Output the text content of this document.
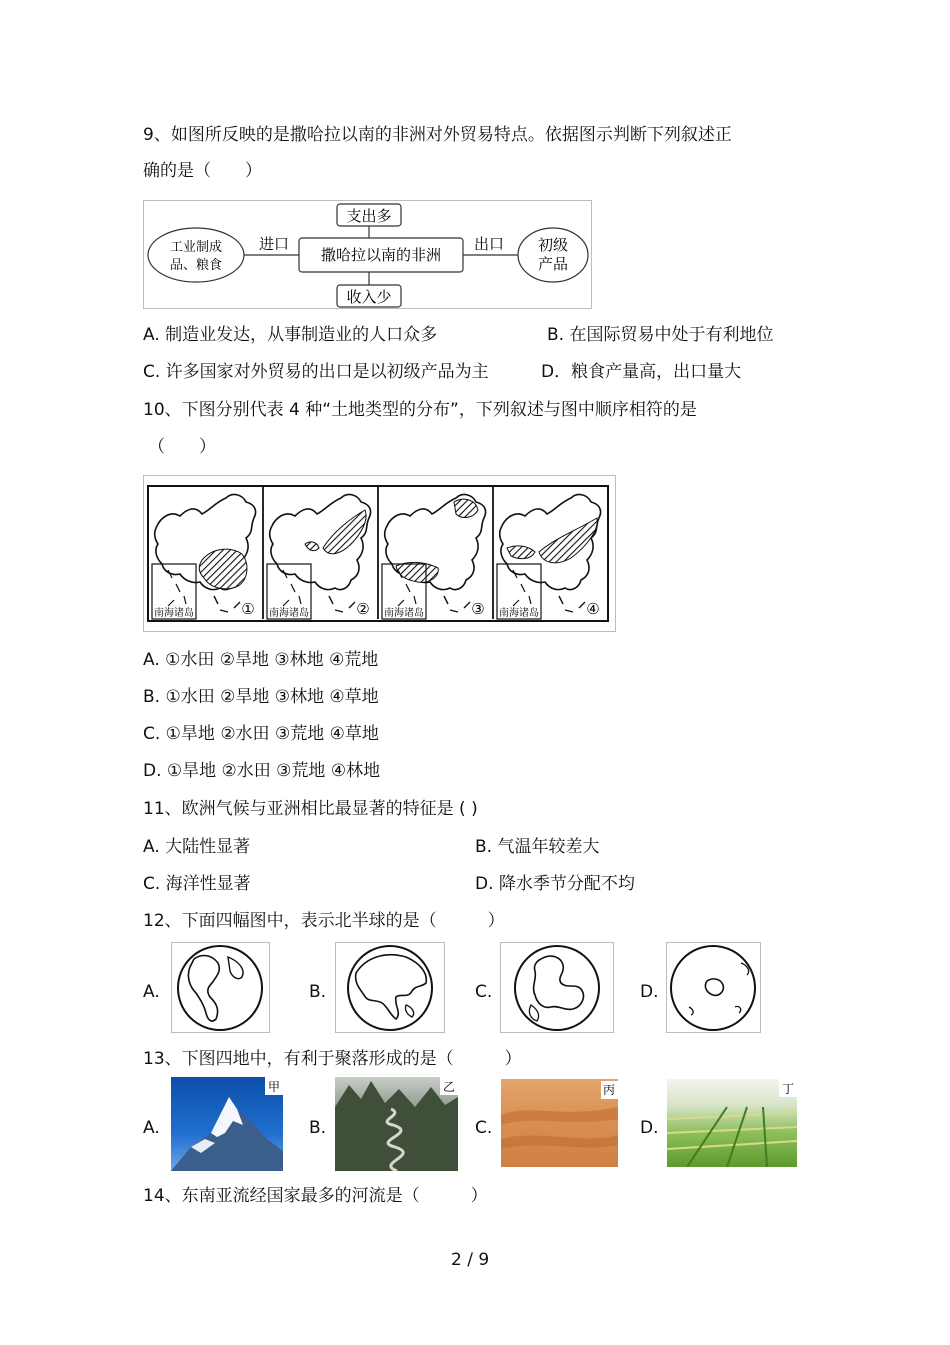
9、如图所反映的是撒哈拉以南的非洲对外贸易特点。依据图示判断下列叙述正
确的是（　　）
支出多
撒哈拉以南的非洲
收入少
工业制成品、粮食
进口	出口 初级产品
A. 制造业发达，从事制造业的人口众多	B. 在国际贸易中处于有利地位
C. 许多国家对外贸易的出口是以初级产品为主	D．粮食产量高，出口量大
10、下图分别代表 4 种“土地类型的分布”，下列叙述与图中顺序相符的是
（　　）
南海诸岛	① 南海诸岛	② 南海诸岛	③ 南海诸岛	④
A. ①水田 ②旱地 ③林地 ④荒地
B. ①水田 ②旱地 ③林地 ④草地
C. ①旱地 ②水田 ③荒地 ④草地
D. ①旱地 ②水田 ③荒地 ④林地
11、欧洲气候与亚洲相比最显著的特征是 ( )
A. 大陆性显著	B. 气温年较差大
C. 海洋性显著	D. 降水季节分配不均
12、下面四幅图中，表示北半球的是（　　　）
A.	B.	C.	D.
13、下图四地中，有利于聚落形成的是（　　　）
A.
甲
B.
乙
C.
丙
D.
丁
14、东南亚流经国家最多的河流是（　　　）
2 / 9
